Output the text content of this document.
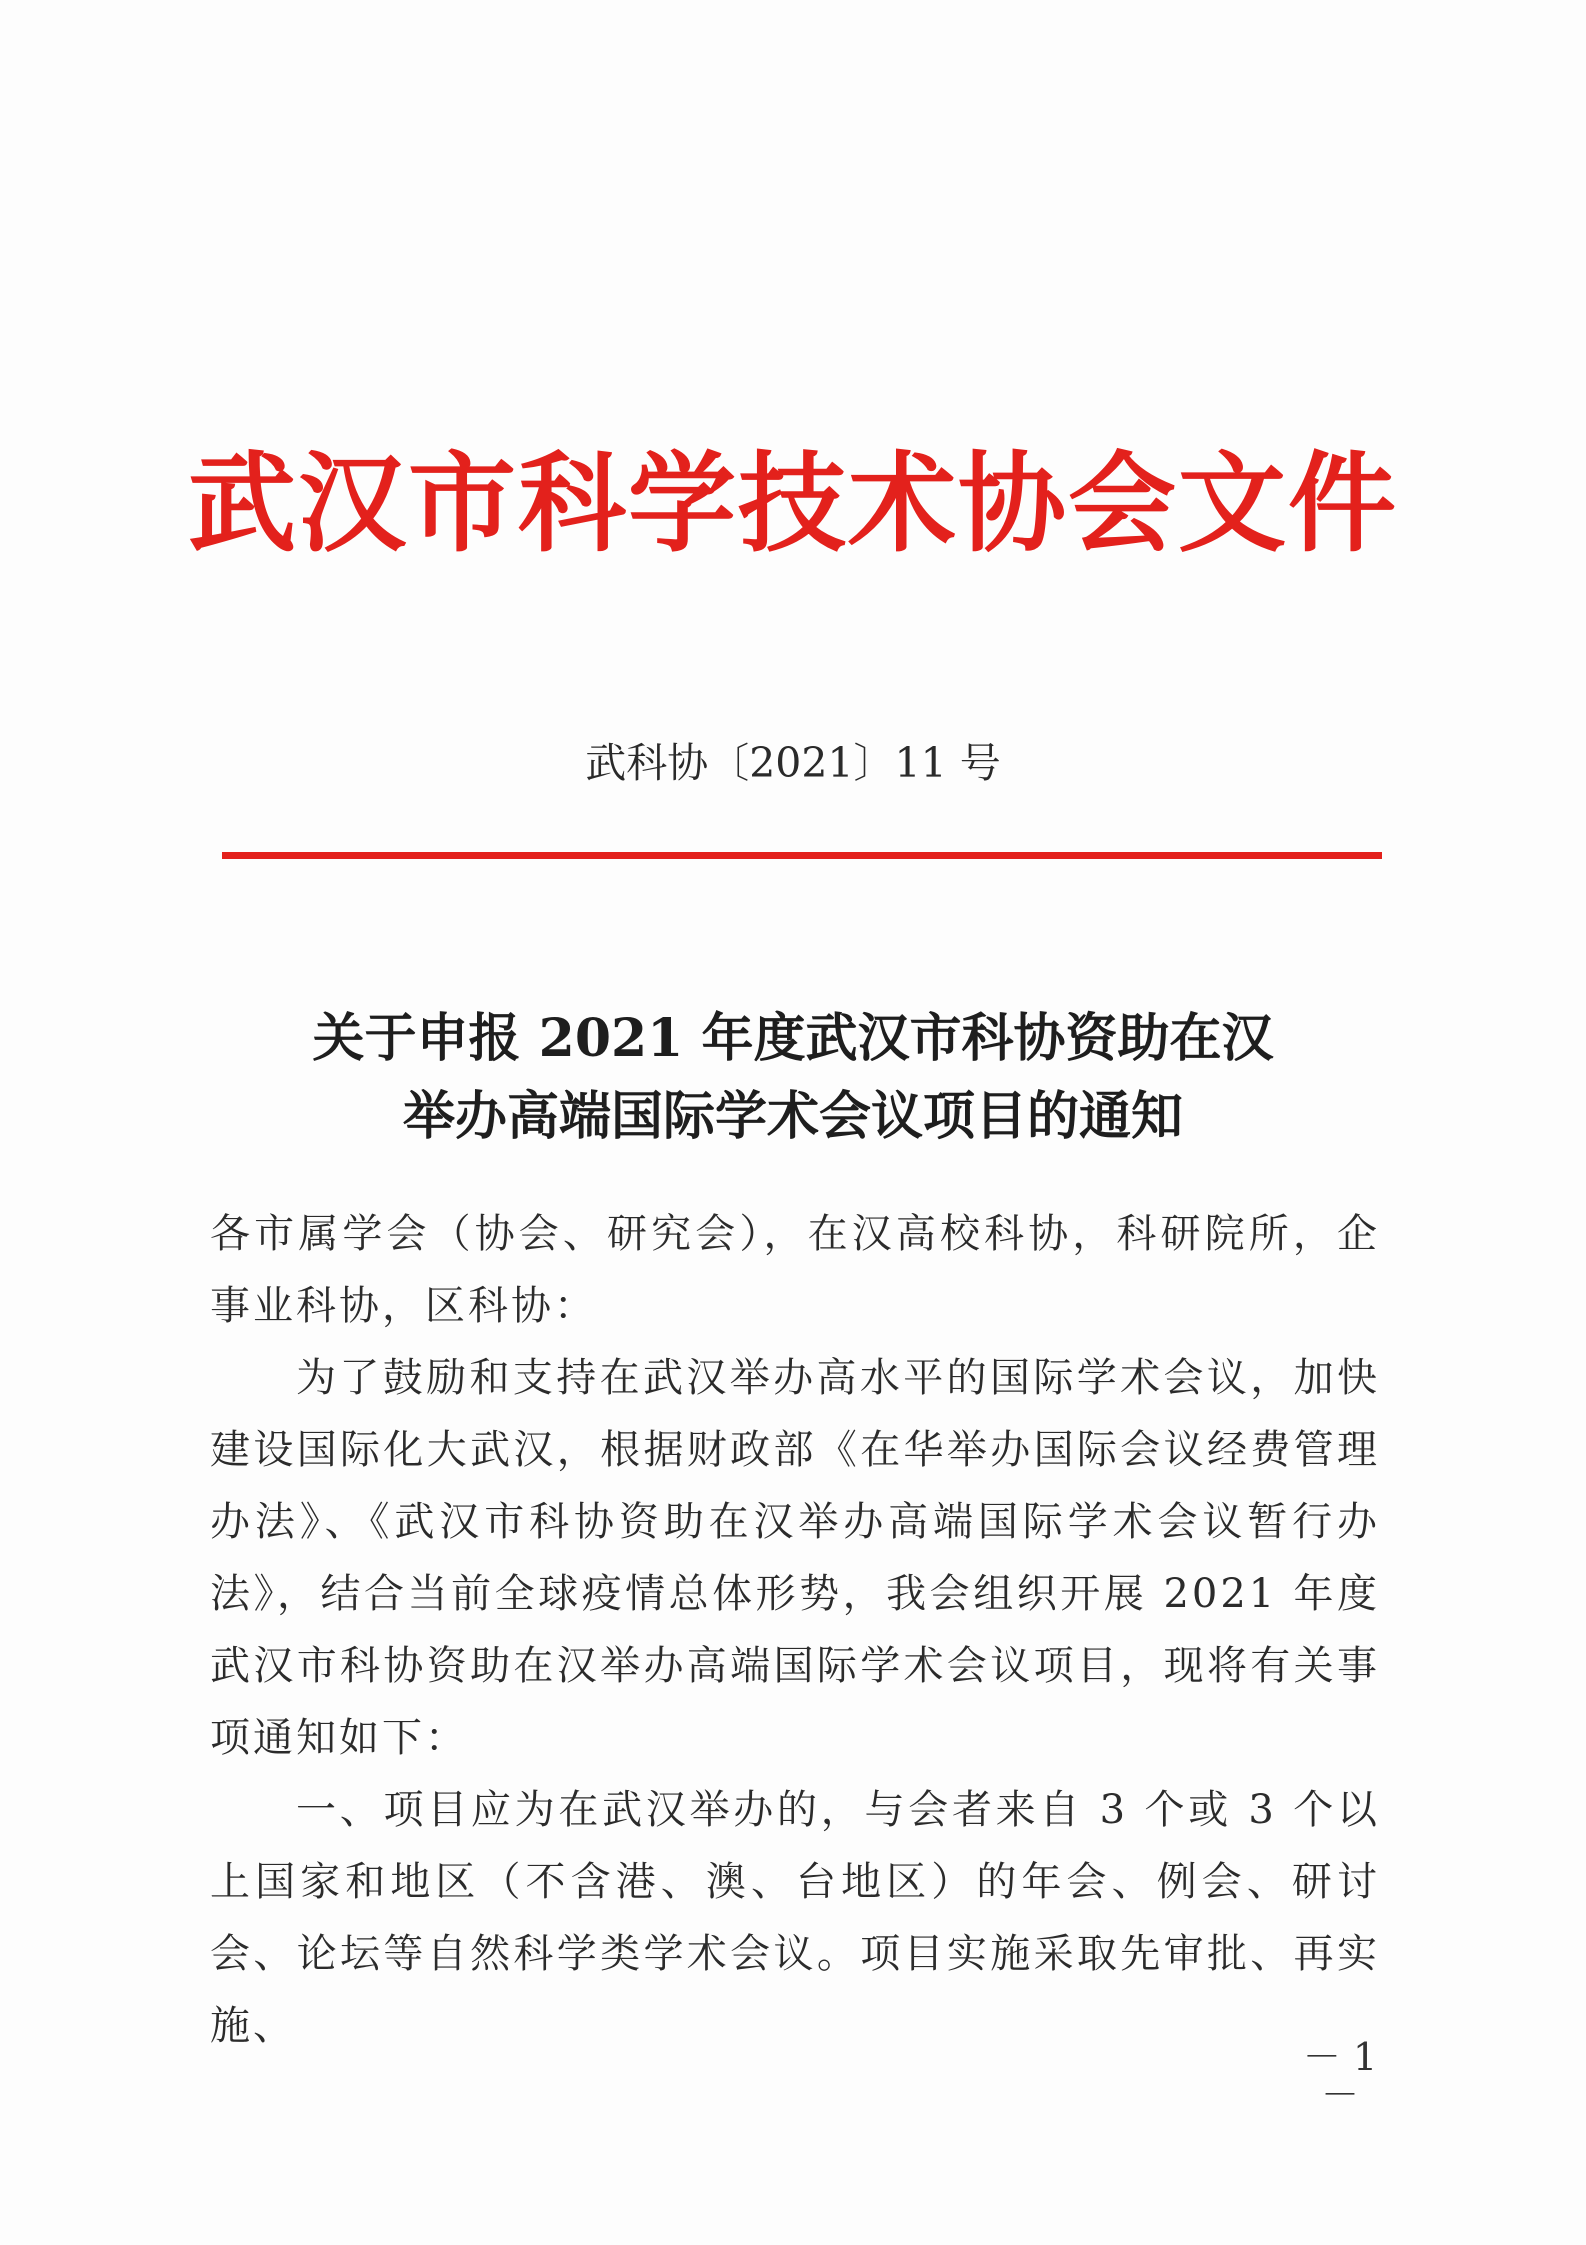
武汉市科学技术协会文件
武科协〔2021〕11 号
关于申报 2021 年度武汉市科协资助在汉
举办高端国际学术会议项目的通知

各市属学会（协会、研究会），在汉高校科协，科研院所，企事业科协，区科协：

为了鼓励和支持在武汉举办高水平的国际学术会议，加快建设国际化大武汉，根据财政部《在华举办国际会议经费管理办法》、《武汉市科协资助在汉举办高端国际学术会议暂行办法》，结合当前全球疫情总体形势，我会组织开展 2021 年度武汉市科协资助在汉举办高端国际学术会议项目，现将有关事项通知如下：

一、项目应为在武汉举办的，与会者来自 3 个或 3 个以上国家和地区（不含港、澳、台地区）的年会、例会、研讨会、论坛等自然科学类学术会议。项目实施采取先审批、再实施、

－ 1 －
